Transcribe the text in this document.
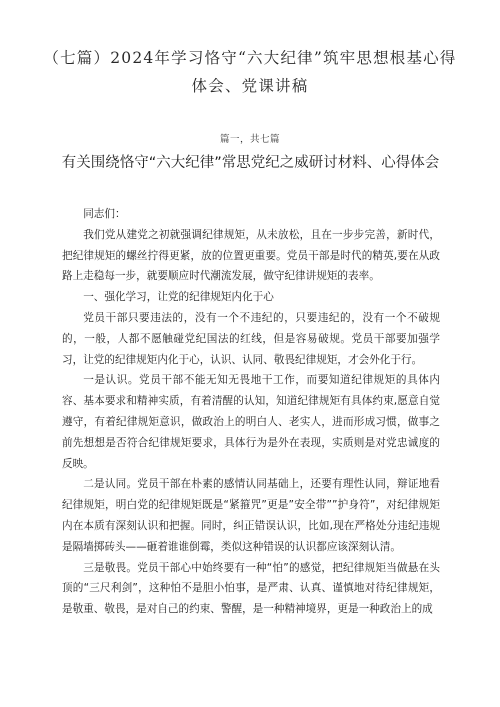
（七篇）2024年学习恪守“六大纪律”筑牢思想根基心得体会、党课讲稿
篇一，共七篇
有关围绕恪守“六大纪律”常思党纪之威研讨材料、心得体会

同志们：

我们党从建党之初就强调纪律规矩，从未放松，且在一步步完善，新时代，把纪律规矩的螺丝拧得更紧，放的位置更重要。党员干部是时代的精英,要在从政路上走稳每一步，就要顺应时代潮流发展，做守纪律讲规矩的表率。

一、强化学习，让党的纪律规矩内化于心

党员干部只要违法的，没有一个不违纪的，只要违纪的，没有一个不破规的，一般，人都不愿触碰党纪国法的红线，但是容易破规。党员干部要加强学习，让党的纪律规矩内化于心，认识、认同、敬畏纪律规矩，才会外化于行。

一是认识。党员干部不能无知无畏地干工作，而要知道纪律规矩的具体内容、基本要求和精神实质，有着清醒的认知，知道纪律规矩有具体约束,愿意自觉遵守，有着纪律规矩意识，做政治上的明白人、老实人，进而形成习惯，做事之前先想想是否符合纪律规矩要求，具体行为是外在表现，实质则是对党忠诚度的反映。

二是认同。党员干部在朴素的感情认同基础上，还要有理性认同，辩证地看纪律规矩，明白党的纪律规矩既是“紧箍咒”更是”安全带””护身符”，对纪律规矩内在本质有深刻认识和把握。同时，纠正错误认识，比如,现在严格处分违纪违规是隔墙掷砖头——砸着谁谁倒霉，类似这种错误的认识都应该深刻认清。

三是敬畏。党员干部心中始终要有一种“怕”的感觉，把纪律规矩当做悬在头顶的“三尺利剑”，这种怕不是胆小怕事，是严肃、认真、谨慎地对待纪律规矩，是敬重、敬畏，是对自己的约束、警醒，是一种精神境界，更是一种政治上的成
